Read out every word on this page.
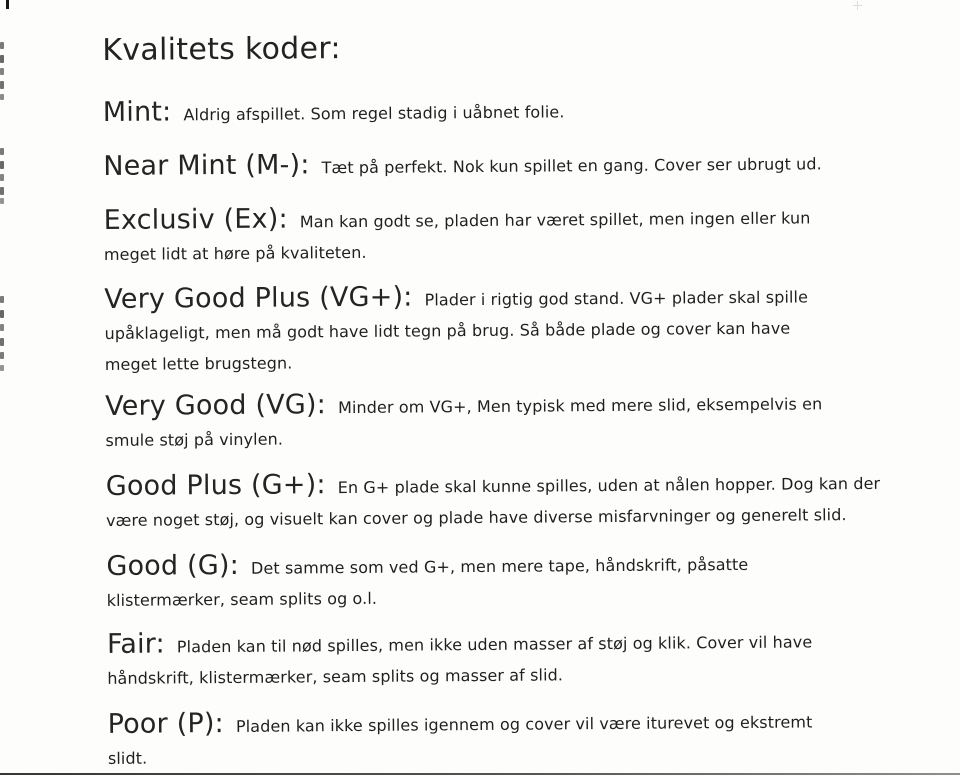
Kvalitets koder:
Mint: Aldrig afspillet. Som regel stadig i uåbnet folie.
Near Mint (M-): Tæt på perfekt. Nok kun spillet en gang. Cover ser ubrugt ud.
Exclusiv (Ex): Man kan godt se, pladen har været spillet, men ingen eller kun
meget lidt at høre på kvaliteten.
Very Good Plus (VG+): Plader i rigtig god stand. VG+ plader skal spille
upåklageligt, men må godt have lidt tegn på brug. Så både plade og cover kan have
meget lette brugstegn.
Very Good (VG): Minder om VG+, Men typisk med mere slid, eksempelvis en
smule støj på vinylen.
Good Plus (G+): En G+ plade skal kunne spilles, uden at nålen hopper. Dog kan der
være noget støj, og visuelt kan cover og plade have diverse misfarvninger og generelt slid.
Good (G): Det samme som ved G+, men mere tape, håndskrift, påsatte
klistermærker, seam splits og o.l.
Fair: Pladen kan til nød spilles, men ikke uden masser af støj og klik. Cover vil have
håndskrift, klistermærker, seam splits og masser af slid.
Poor (P): Pladen kan ikke spilles igennem og cover vil være iturevet og ekstremt
slidt.
